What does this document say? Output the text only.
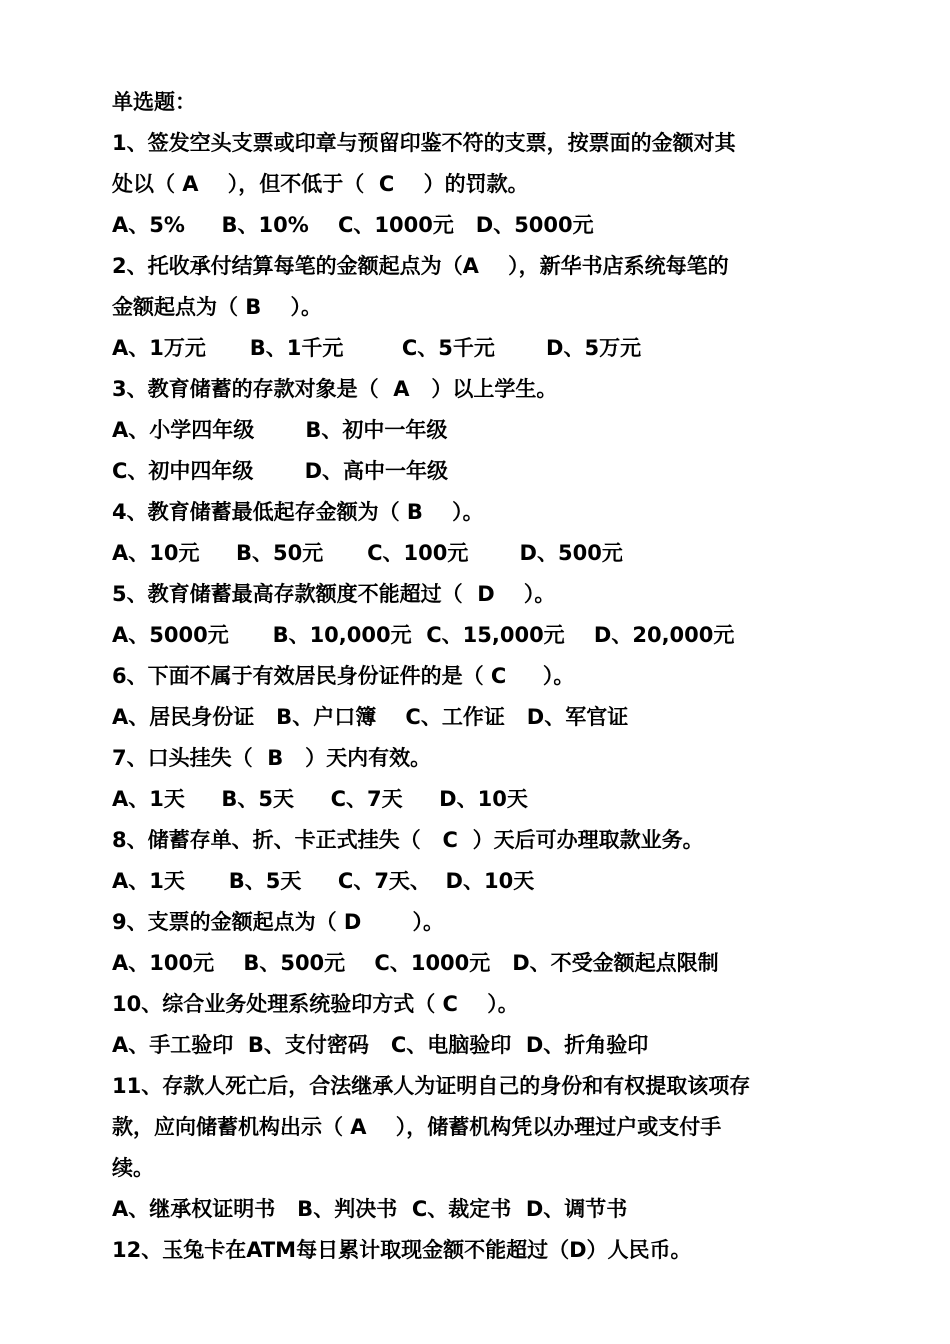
单选题：
1、签发空头支票或印章与预留印鉴不符的支票，按票面的金额对其
处以（ A    ），但不低于（  C    ）的罚款。
A、5%     B、10%    C、1000元   D、5000元
2、托收承付结算每笔的金额起点为（A    ），新华书店系统每笔的
金额起点为（ B    ）。
A、1万元      B、1千元        C、5千元       D、5万元
3、教育储蓄的存款对象是（  A   ）以上学生。
A、小学四年级       B、初中一年级
C、初中四年级       D、高中一年级
4、教育储蓄最低起存金额为（ B    ）。
A、10元     B、50元      C、100元       D、500元
5、教育储蓄最高存款额度不能超过（  D    ）。
A、5000元      B、10,000元  C、15,000元    D、20,000元
6、下面不属于有效居民身份证件的是（ C     ）。
A、居民身份证   B、户口簿    C、工作证   D、军官证
7、口头挂失（  B   ）天内有效。
A、1天     B、5天     C、7天     D、10天
8、储蓄存单、折、卡正式挂失（   C  ）天后可办理取款业务。
A、1天      B、5天     C、7天、  D、10天
9、支票的金额起点为（ D       ）。
A、100元    B、500元    C、1000元   D、不受金额起点限制
10、综合业务处理系统验印方式（ C    ）。
A、手工验印  B、支付密码   C、电脑验印  D、折角验印
11、存款人死亡后，合法继承人为证明自己的身份和有权提取该项存
款，应向储蓄机构出示（ A    ），储蓄机构凭以办理过户或支付手
续。
A、继承权证明书   B、判决书  C、裁定书  D、调节书
12、玉兔卡在ATM每日累计取现金额不能超过（D）人民币。
